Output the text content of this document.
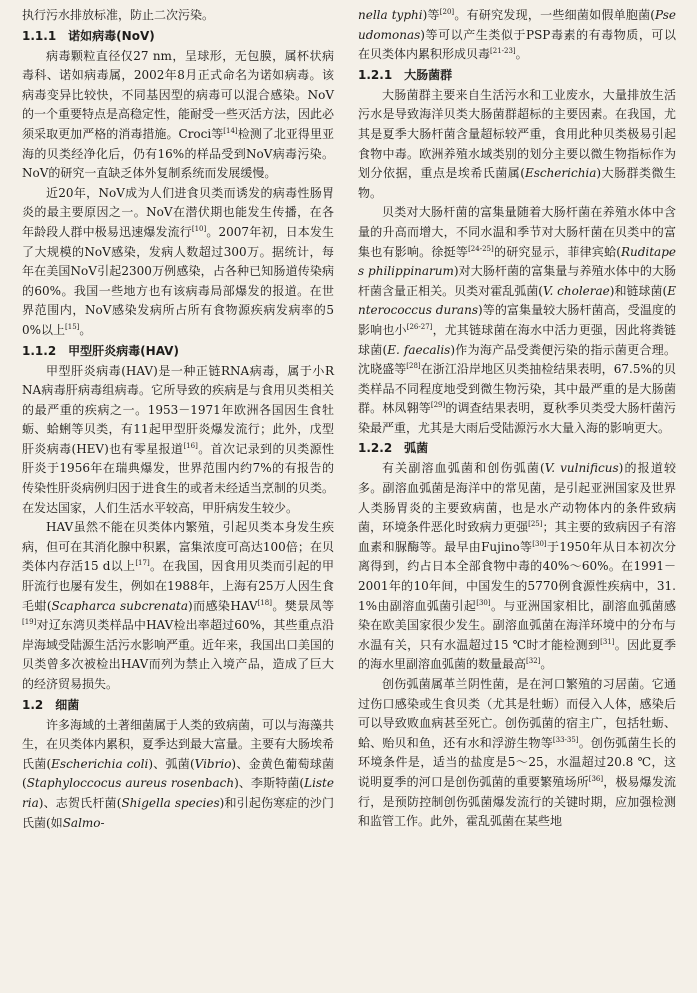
执行污水排放标准，防止二次污染。

1.1.1　诺如病毒(NoV)

病毒颗粒直径仅27 nm，呈球形，无包膜，属杯状病毒科、诺如病毒属，2002年8月正式命名为诺如病毒。该病毒变异比较快，不同基因型的病毒可以混合感染。NoV的一个重要特点是高稳定性，能耐受一些灭活方法，因此必须采取更加严格的消毒措施。Croci等[14]检测了北亚得里亚海的贝类经净化后，仍有16%的样品受到NoV病毒污染。NoV的研究一直缺乏体外复制系统而发展缓慢。

近20年，NoV成为人们进食贝类而诱发的病毒性肠胃炎的最主要原因之一。NoV在潜伏期也能发生传播，在各年龄段人群中极易迅速爆发流行[10]。2007年初，日本发生了大规模的NoV感染，发病人数超过300万。据统计，每年在美国NoV引起2300万例感染，占各种已知肠道传染病的60%。我国一些地方也有该病毒局部爆发的报道。在世界范围内，NoV感染发病所占所有食物源疾病发病率的50%以上[15]。

1.1.2　甲型肝炎病毒(HAV)

甲型肝炎病毒(HAV)是一种正链RNA病毒，属于小RNA病毒肝病毒组病毒。它所导致的疾病是与食用贝类相关的最严重的疾病之一。1953－1971年欧洲各国因生食牡蛎、蛤蜊等贝类，有11起甲型肝炎爆发流行；此外，戊型肝炎病毒(HEV)也有零星报道[16]。首次记录到的贝类源性肝炎于1956年在瑞典爆发，世界范围内约7%的有报告的传染性肝炎病例归因于进食生的或者未经适当烹制的贝类。在发达国家，人们生活水平较高，甲肝病发生较少。

HAV虽然不能在贝类体内繁殖，引起贝类本身发生疾病，但可在其消化腺中积累，富集浓度可高达100倍；在贝类体内存活15 d以上[17]。在我国，因食用贝类而引起的甲肝流行也屡有发生，例如在1988年，上海有25万人因生食毛蚶(Scapharca subcrenata)而感染HAV[18]。樊景凤等[19]对辽东湾贝类样品中HAV检出率超过60%，其些重点沿岸海域受陆源生活污水影响严重。近年来，我国出口美国的贝类曾多次被检出HAV而列为禁止入境产品，造成了巨大的经济贸易损失。

1.2　细菌

许多海域的土著细菌属于人类的致病菌，可以与海藻共生，在贝类体内累积，夏季达到最大富量。主要有大肠埃希氏菌(Escherichia coli)、弧菌(Vibrio)、金黄色葡萄球菌(Staphyloccocus aureus rosenbach)、李斯特菌(Listeria)、志贺氏杆菌(Shigella species)和引起伤寒症的沙门氏菌(如Salmo-

nella typhi)等[20]。有研究发现，一些细菌如假单胞菌(Pseudomonas)等可以产生类似于PSP毒素的有毒物质，可以在贝类体内累积形成贝毒[21-23]。

1.2.1　大肠菌群

大肠菌群主要来自生活污水和工业废水，大量排放生活污水是导致海洋贝类大肠菌群超标的主要因素。在我国，尤其是夏季大肠杆菌含量超标较严重，食用此种贝类极易引起食物中毒。欧洲养殖水域类别的划分主要以微生物指标作为划分依据，重点是埃希氏菌属(Escherichia)大肠群类微生物。

贝类对大肠杆菌的富集量随着大肠杆菌在养殖水体中含量的升高而增大，不同水温和季节对大肠杆菌在贝类中的富集也有影响。徐挺等[24-25]的研究显示，菲律宾蛤(Ruditapes philippinarum)对大肠杆菌的富集量与养殖水体中的大肠杆菌含量正相关。贝类对霍乱弧菌(V. cholerae)和链球菌(Enterococcus durans)等的富集量较大肠杆菌高，受温度的影响也小[26-27]，尤其链球菌在海水中活力更强，因此将粪链球菌(E. faecalis)作为海产品受粪便污染的指示菌更合理。沈晓盛等[28]在浙江沿岸地区贝类抽检结果表明，67.5%的贝类样品不同程度地受到微生物污染，其中最严重的是大肠菌群。林凤翱等[29]的调查结果表明，夏秋季贝类受大肠杆菌污染最严重，尤其是大雨后受陆源污水大量入海的影响更大。

1.2.2　弧菌

有关副溶血弧菌和创伤弧菌(V. vulnificus)的报道较多。副溶血弧菌是海洋中的常见菌，是引起亚洲国家及世界人类肠胃炎的主要致病菌，也是水产动物体内的条件致病菌，环境条件恶化时致病力更强[25]；其主要的致病因子有溶血素和脲酶等。最早由Fujino等[30]于1950年从日本初次分离得到，约占日本全部食物中毒的40%～60%。在1991－2001年的10年间，中国发生的5770例食源性疾病中，31.1%由副溶血弧菌引起[30]。与亚洲国家相比，副溶血弧菌感染在欧美国家很少发生。副溶血弧菌在海洋环境中的分布与水温有关，只有水温超过15 ℃时才能检测到[31]。因此夏季的海水里副溶血弧菌的数量最高[32]。

创伤弧菌属革兰阴性菌，是在河口繁殖的习居菌。它通过伤口感染或生食贝类（尤其是牡蛎）而侵入人体，感染后可以导致败血病甚至死亡。创伤弧菌的宿主广，包括牡蛎、蛤、贻贝和鱼，还有水和浮游生物等[33-35]。创伤弧菌生长的环境条件是，适当的盐度是5～25，水温超过20.8 ℃，这说明夏季的河口是创伤弧菌的重要繁殖场所[36]，极易爆发流行，是预防控制创伤弧菌爆发流行的关键时期，应加强检测和监管工作。此外，霍乱弧菌在某些地
